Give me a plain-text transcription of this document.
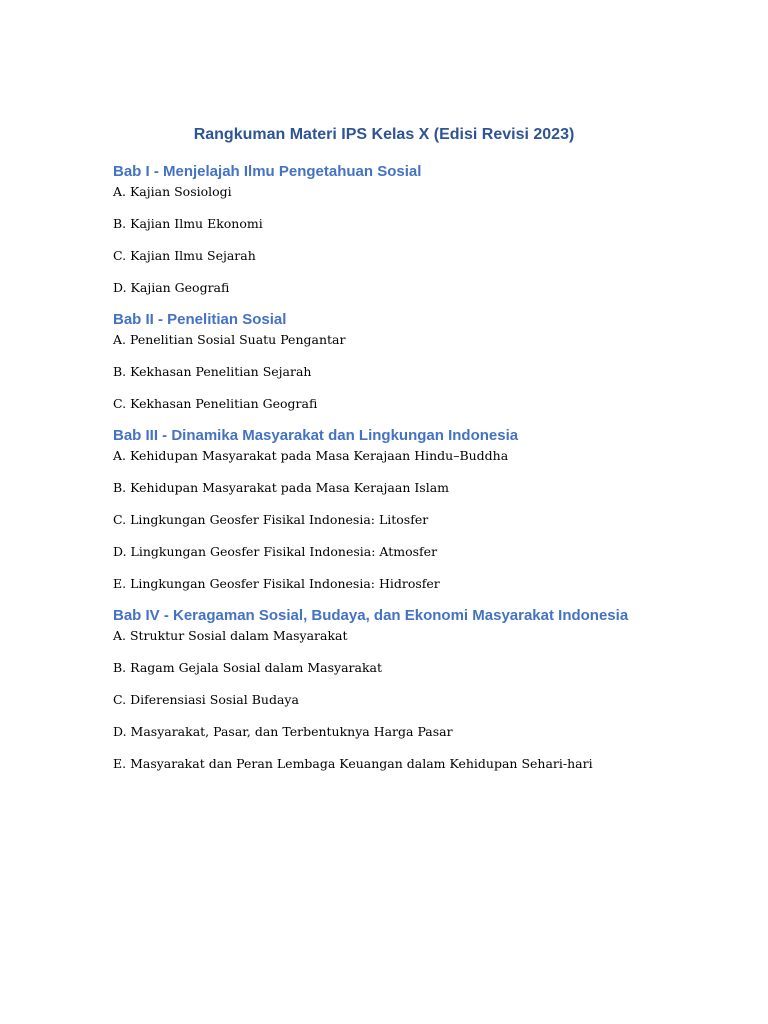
Rangkuman Materi IPS Kelas X (Edisi Revisi 2023)
Bab I - Menjelajah Ilmu Pengetahuan Sosial

A. Kajian Sosiologi

B. Kajian Ilmu Ekonomi

C. Kajian Ilmu Sejarah

D. Kajian Geografi

Bab II - Penelitian Sosial

A. Penelitian Sosial Suatu Pengantar

B. Kekhasan Penelitian Sejarah

C. Kekhasan Penelitian Geografi

Bab III - Dinamika Masyarakat dan Lingkungan Indonesia

A. Kehidupan Masyarakat pada Masa Kerajaan Hindu–Buddha

B. Kehidupan Masyarakat pada Masa Kerajaan Islam

C. Lingkungan Geosfer Fisikal Indonesia: Litosfer

D. Lingkungan Geosfer Fisikal Indonesia: Atmosfer

E. Lingkungan Geosfer Fisikal Indonesia: Hidrosfer

Bab IV - Keragaman Sosial, Budaya, dan Ekonomi Masyarakat Indonesia

A. Struktur Sosial dalam Masyarakat

B. Ragam Gejala Sosial dalam Masyarakat

C. Diferensiasi Sosial Budaya

D. Masyarakat, Pasar, dan Terbentuknya Harga Pasar

E. Masyarakat dan Peran Lembaga Keuangan dalam Kehidupan Sehari-hari
